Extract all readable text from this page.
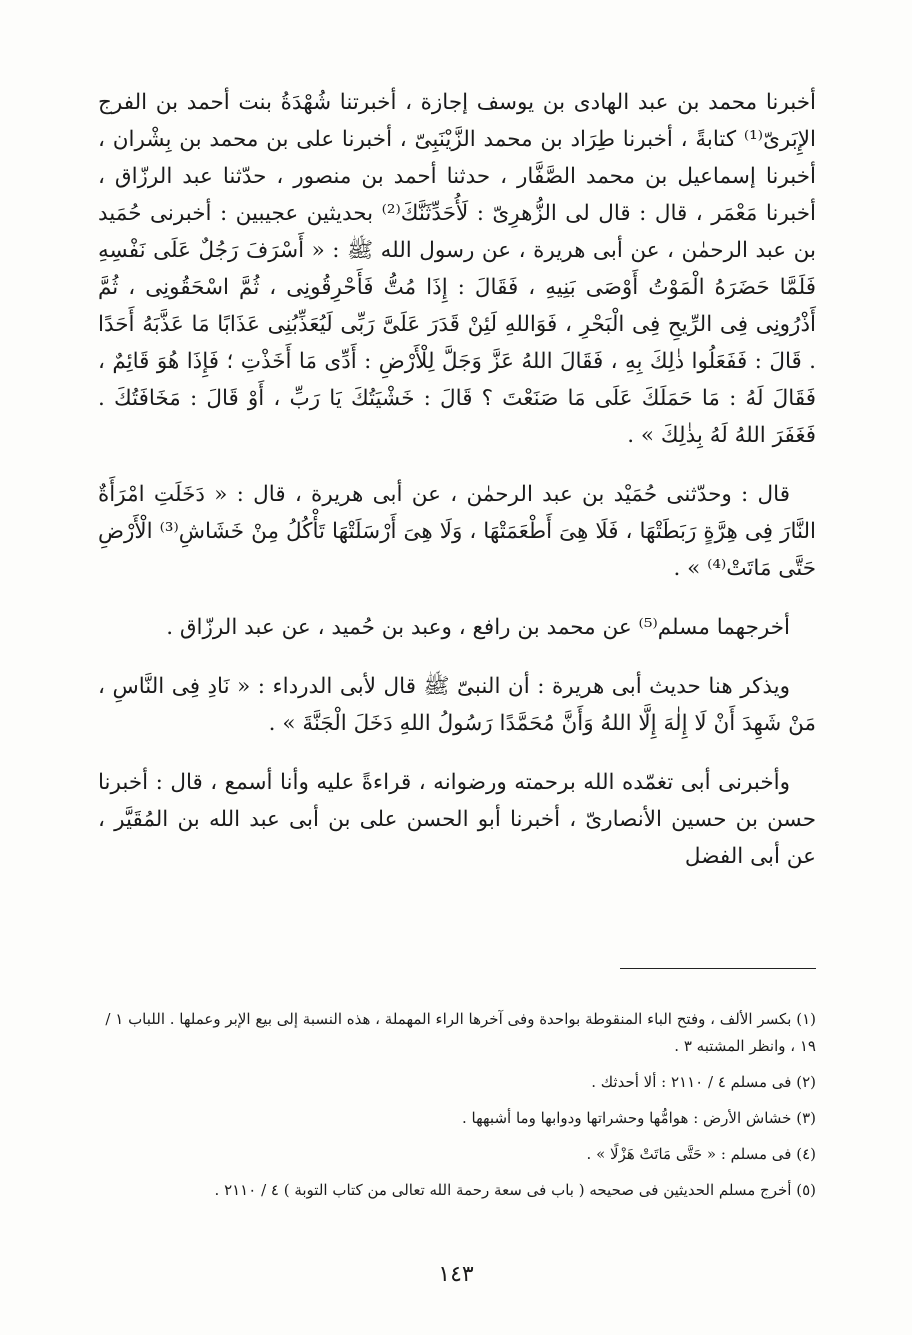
أخبرنا محمد بن عبد الهادى بن يوسف إجازة ، أخبرتنا شُهْدَةُ بنت أحمد بن الفرج الإِبَرىّ⁽¹⁾ كتابةً ، أخبرنا طِرَاد بن محمد الزَّيْنَبِىّ ، أخبرنا على بن محمد بن بِشْران ، أخبرنا إسماعيل بن محمد الصَّفَّار ، حدثنا أحمد بن منصور ، حدّثنا عبد الرزّاق ، أخبرنا مَعْمَر ، قال : قال لى الزُّهرِىّ : لَأُحَدِّثَنَّكَ⁽²⁾ بحديثين عجيبين : أخبرنى حُمَيد بن عبد الرحمٰن ، عن أبى هريرة ، عن رسول الله ﷺ : « أَسْرَفَ رَجُلٌ عَلَى نَفْسِهِ فَلَمَّا حَضَرَهُ الْمَوْتُ أَوْصَى بَنِيهِ ، فَقَالَ : إِذَا مُتُّ فَأَحْرِقُونِى ، ثُمَّ اسْحَقُونِى ، ثُمَّ أَذْرُونِى فِى الرِّيحِ فِى الْبَحْرِ ، فَوَاللهِ لَئِنْ قَدَرَ عَلَىَّ رَبِّى لَيُعَذِّبُنِى عَذَابًا مَا عَذَّبَهُ أَحَدًا . قَالَ : فَفَعَلُوا ذٰلِكَ بِهِ ، فَقَالَ اللهُ عَزَّ وَجَلَّ لِلْأَرْضِ : أَدِّى مَا أَخَذْتِ ؛ فَإِذَا هُوَ قَائِمٌ ، فَقَالَ لَهُ : مَا حَمَلَكَ عَلَى مَا صَنَعْتَ ؟ قَالَ : خَشْيَتُكَ يَا رَبِّ ، أَوْ قَالَ : مَخَافَتُكَ . فَغَفَرَ اللهُ لَهُ بِذٰلِكَ » .

قال : وحدّثنى حُمَيْد بن عبد الرحمٰن ، عن أبى هريرة ، قال : « دَخَلَتِ امْرَأَةٌ النَّارَ فِى هِرَّةٍ رَبَطَتْهَا ، فَلَا هِىَ أَطْعَمَتْهَا ، وَلَا هِىَ أَرْسَلَتْهَا تَأْكُلُ مِنْ خَشَاشِ⁽³⁾ الْأَرْضِ حَتَّى مَاتَتْ⁽⁴⁾ » .

أخرجهما مسلم⁽⁵⁾ عن محمد بن رافع ، وعبد بن حُميد ، عن عبد الرزّاق .

ويذكر هنا حديث أبى هريرة : أن النبىّ ﷺ قال لأبى الدرداء : « نَادِ فِى النَّاسِ ، مَنْ شَهِدَ أَنْ لَا إِلٰهَ إِلَّا اللهُ وَأَنَّ مُحَمَّدًا رَسُولُ اللهِ دَخَلَ الْجَنَّةَ » .

وأخبرنى أبى تغمّده الله برحمته ورضوانه ، قراءةً عليه وأنا أسمع ، قال : أخبرنا حسن بن حسين الأنصارىّ ، أخبرنا أبو الحسن على بن أبى عبد الله بن المُقَيَّر ، عن أبى الفضل

(١) بكسر الألف ، وفتح الباء المنقوطة بواحدة وفى آخرها الراء المهملة ، هذه النسبة إلى بيع الإبر وعملها . اللباب ١ / ١٩ ، وانظر المشتبه ٣ .

(٢) فى مسلم ٤ / ٢١١٠ : ألا أحدثك .

(٣) خشاش الأرض : هوامُّها وحشراتها ودوابها وما أشبهها .

(٤) فى مسلم : « حَتَّى مَاتَتْ هَزْلًا » .

(٥) أخرج مسلم الحديثين فى صحيحه ( باب فى سعة رحمة الله تعالى من كتاب التوبة ) ٤ / ٢١١٠ .

١٤٣
